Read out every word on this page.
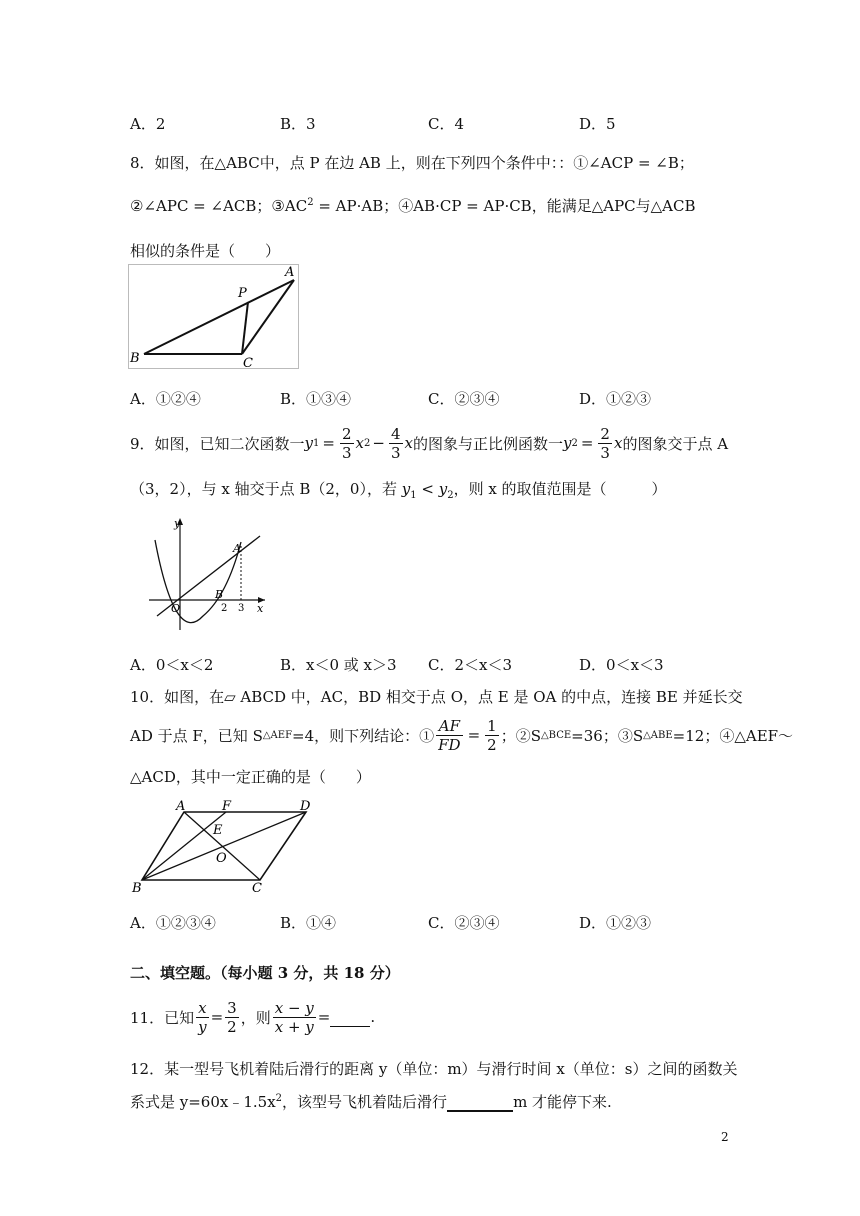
A．2	B．3	C．4	D．5
8．如图，在△ABC中，点 P 在边 AB 上，则在下列四个条件中：：①∠ACP = ∠B；
②∠APC = ∠ACB；$③AC^2 = AP\cdot AB$；④AB·CP = AP·CB，能满足△APC与△ACB
相似的条件是（　　）
A
B	C
P
A．①②④	B．①③④	C．②③④	D．①②③
9．如图，已知二次函数一 y $1 = \frac{2}{3}$ x $2 - \frac{4}{3}$ x 的图象与正比例函数一 y $2 = \frac{2}{3}$ x 的图象交于点 A
（3，2），与 x 轴交于点 B（2，0），若 $y_1 < y_2$，则 x 的取值范围是（　　　）
y
x
A
B
O	2 3
A．0＜x＜2	B．x＜0 或 x＞3 C．2＜x＜3	D．0＜x＜3
10．如图，在▱ ABCD 中，AC，BD 相交于点 O，点 E 是 OA 的中点，连接 BE 并延长交
AD 于点 F，已知 S △AEF =4，则下列结论：① $\frac{AF}{FD} = \frac{1}{2}$ ；②S △BCE =36；③S △ABE =12；④△AEF～
△ACD，其中一定正确的是（　　）
A	F	D
E
O
B	C
A．①②③④	B．①④	C．②③④	D．①②③
二、填空题。（每小题 3 分，共 18 分）
11．已知 $\frac{x}{y} = \frac{3}{2}$ ，则 $\frac{x - y}{x + y}$ =	.
12．某一型号飞机着陆后滑行的距离 y（单位：m）与滑行时间 x（单位：s）之间的函数关
系式是 $y=60x﹣1.5x^2$，该型号飞机着陆后滑行	m 才能停下来.
2
